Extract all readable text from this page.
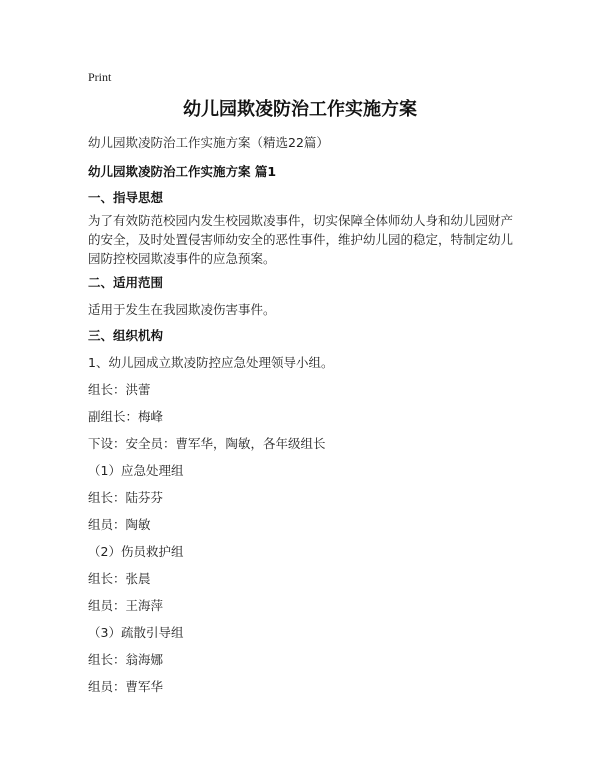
Print
幼儿园欺凌防治工作实施方案
幼儿园欺凌防治工作实施方案（精选22篇）
幼儿园欺凌防治工作实施方案 篇1
一、指导思想
为了有效防范校园内发生校园欺凌事件，切实保障全体师幼人身和幼儿园财产的安全，及时处置侵害师幼安全的恶性事件，维护幼儿园的稳定，特制定幼儿园防控校园欺凌事件的应急预案。
二、适用范围
适用于发生在我园欺凌伤害事件。
三、组织机构
1、幼儿园成立欺凌防控应急处理领导小组。
组长：洪蕾
副组长：梅峰
下设：安全员：曹军华，陶敏，各年级组长
（1）应急处理组
组长：陆芬芬
组员：陶敏
（2）伤员救护组
组长：张晨
组员：王海萍
（3）疏散引导组
组长：翁海娜
组员：曹军华
